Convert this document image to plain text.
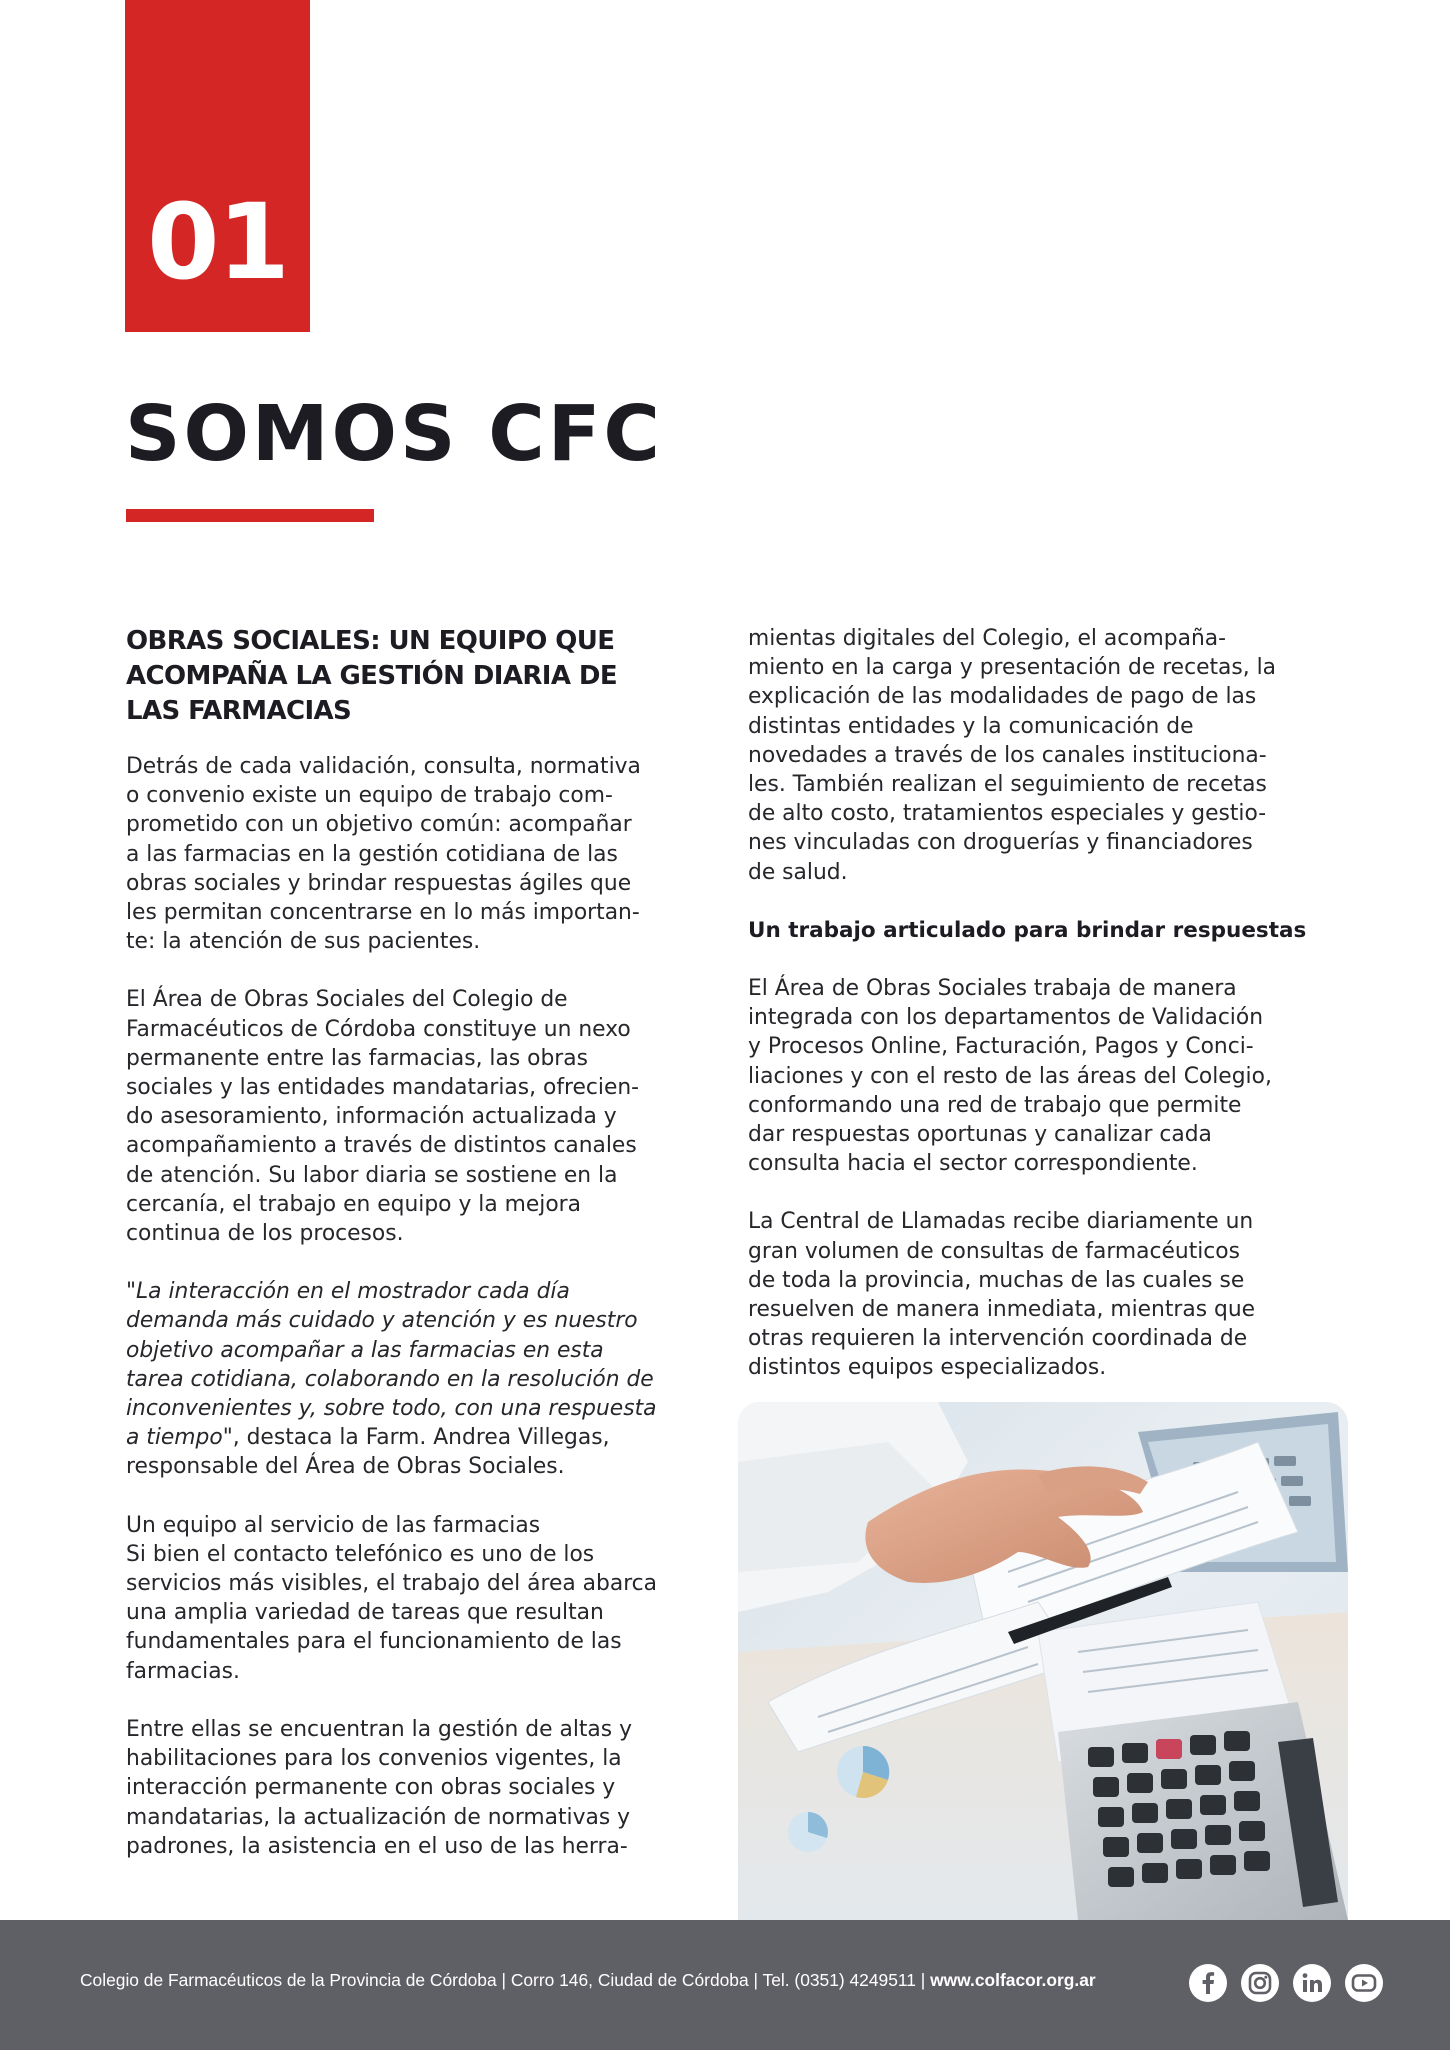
01
SOMOS CFC
OBRAS SOCIALES: UN EQUIPO QUE
ACOMPAÑA LA GESTIÓN DIARIA DE
LAS FARMACIAS

Detrás de cada validación, consulta, normativa
o convenio existe un equipo de trabajo com-
prometido con un objetivo común: acompañar
a las farmacias en la gestión cotidiana de las
obras sociales y brindar respuestas ágiles que
les permitan concentrarse en lo más importan-
te: la atención de sus pacientes.

El Área de Obras Sociales del Colegio de
Farmacéuticos de Córdoba constituye un nexo
permanente entre las farmacias, las obras
sociales y las entidades mandatarias, ofrecien-
do asesoramiento, información actualizada y
acompañamiento a través de distintos canales
de atención. Su labor diaria se sostiene en la
cercanía, el trabajo en equipo y la mejora
continua de los procesos.

"La interacción en el mostrador cada día
demanda más cuidado y atención y es nuestro
objetivo acompañar a las farmacias en esta
tarea cotidiana, colaborando en la resolución de
inconvenientes y, sobre todo, con una respuesta
a tiempo", destaca la Farm. Andrea Villegas,
responsable del Área de Obras Sociales.

Un equipo al servicio de las farmacias
Si bien el contacto telefónico es uno de los
servicios más visibles, el trabajo del área abarca
una amplia variedad de tareas que resultan
fundamentales para el funcionamiento de las
farmacias.

Entre ellas se encuentran la gestión de altas y
habilitaciones para los convenios vigentes, la
interacción permanente con obras sociales y
mandatarias, la actualización de normativas y
padrones, la asistencia en el uso de las herra-

mientas digitales del Colegio, el acompaña-
miento en la carga y presentación de recetas, la
explicación de las modalidades de pago de las
distintas entidades y la comunicación de
novedades a través de los canales instituciona-
les. También realizan el seguimiento de recetas
de alto costo, tratamientos especiales y gestio-
nes vinculadas con droguerías y financiadores
de salud.

Un trabajo articulado para brindar respuestas

El Área de Obras Sociales trabaja de manera
integrada con los departamentos de Validación
y Procesos Online, Facturación, Pagos y Conci-
liaciones y con el resto de las áreas del Colegio,
conformando una red de trabajo que permite
dar respuestas oportunas y canalizar cada
consulta hacia el sector correspondiente.

La Central de Llamadas recibe diariamente un
gran volumen de consultas de farmacéuticos
de toda la provincia, muchas de las cuales se
resuelven de manera inmediata, mientras que
otras requieren la intervención coordinada de
distintos equipos especializados.

Colegio de Farmacéuticos de la Provincia de Córdoba | Corro 146, Ciudad de Córdoba | Tel. (0351) 4249511 | www.colfacor.org.ar
